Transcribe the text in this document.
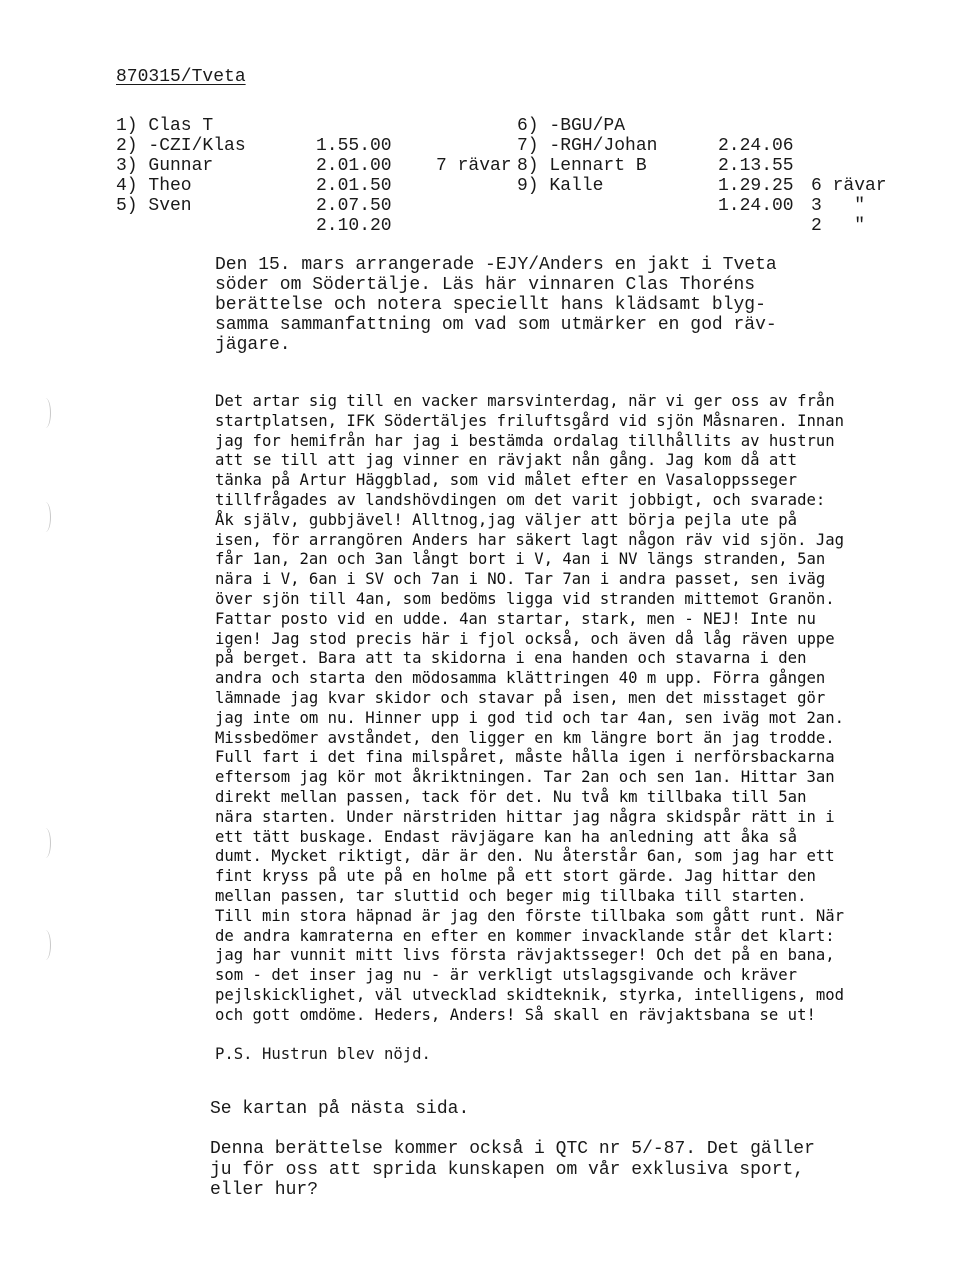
870315/Tveta

1) Clas T

1.55.00

7 rävar

2) -CZI/Klas

2.01.00

3) Gunnar

2.01.50

4) Theo

2.07.50

5) Sven

2.10.20

6) -BGU/PA

2.24.06

7) -RGH/Johan

2.13.55

6 rävar

8) Lennart B

1.29.25

3   "

9) Kalle

1.24.00

2   "

Den 15. mars arrangerade -EJY/Anders en jakt i Tveta
söder om Södertälje. Läs här vinnaren Clas Thoréns
berättelse och notera speciellt hans klädsamt blyg-
samma sammanfattning om vad som utmärker en god räv-
jägare.
Det artar sig till en vacker marsvinterdag, när vi ger oss av från
startplatsen, IFK Södertäljes friluftsgård vid sjön Måsnaren. Innan
jag for hemifrån har jag i bestämda ordalag tillhållits av hustrun
att se till att jag vinner en rävjakt nån gång. Jag kom då att
tänka på Artur Häggblad, som vid målet efter en Vasaloppsseger
tillfrågades av landshövdingen om det varit jobbigt, och svarade:
Åk själv, gubbjävel! Alltnog,jag väljer att börja pejla ute på
isen, för arrangören Anders har säkert lagt någon räv vid sjön. Jag
får 1an, 2an och 3an långt bort i V, 4an i NV längs stranden, 5an
nära i V, 6an i SV och 7an i NO. Tar 7an i andra passet, sen iväg
över sjön till 4an, som bedöms ligga vid stranden mittemot Granön.
Fattar posto vid en udde. 4an startar, stark, men - NEJ! Inte nu
igen! Jag stod precis här i fjol också, och även då låg räven uppe
på berget. Bara att ta skidorna i ena handen och stavarna i den
andra och starta den mödosamma klättringen 40 m upp. Förra gången
lämnade jag kvar skidor och stavar på isen, men det misstaget gör
jag inte om nu. Hinner upp i god tid och tar 4an, sen iväg mot 2an.
Missbedömer avståndet, den ligger en km längre bort än jag trodde.
Full fart i det fina milspåret, måste hålla igen i nerförsbackarna
eftersom jag kör mot åkriktningen. Tar 2an och sen 1an. Hittar 3an
direkt mellan passen, tack för det. Nu två km tillbaka till 5an
nära starten. Under närstriden hittar jag några skidspår rätt in i
ett tätt buskage. Endast rävjägare kan ha anledning att åka så
dumt. Mycket riktigt, där är den. Nu återstår 6an, som jag har ett
fint kryss på ute på en holme på ett stort gärde. Jag hittar den
mellan passen, tar sluttid och beger mig tillbaka till starten.
Till min stora häpnad är jag den förste tillbaka som gått runt. När
de andra kamraterna en efter en kommer invacklande står det klart:
jag har vunnit mitt livs första rävjaktsseger! Och det på en bana,
som - det inser jag nu - är verkligt utslagsgivande och kräver
pejlskicklighet, väl utvecklad skidteknik, styrka, intelligens, mod
och gott omdöme. Heders, Anders! Så skall en rävjaktsbana se ut!
P.S. Hustrun blev nöjd.
Se kartan på nästa sida.
Denna berättelse kommer också i QTC nr 5/-87. Det gäller
ju för oss att sprida kunskapen om vår exklusiva sport,
eller hur?
